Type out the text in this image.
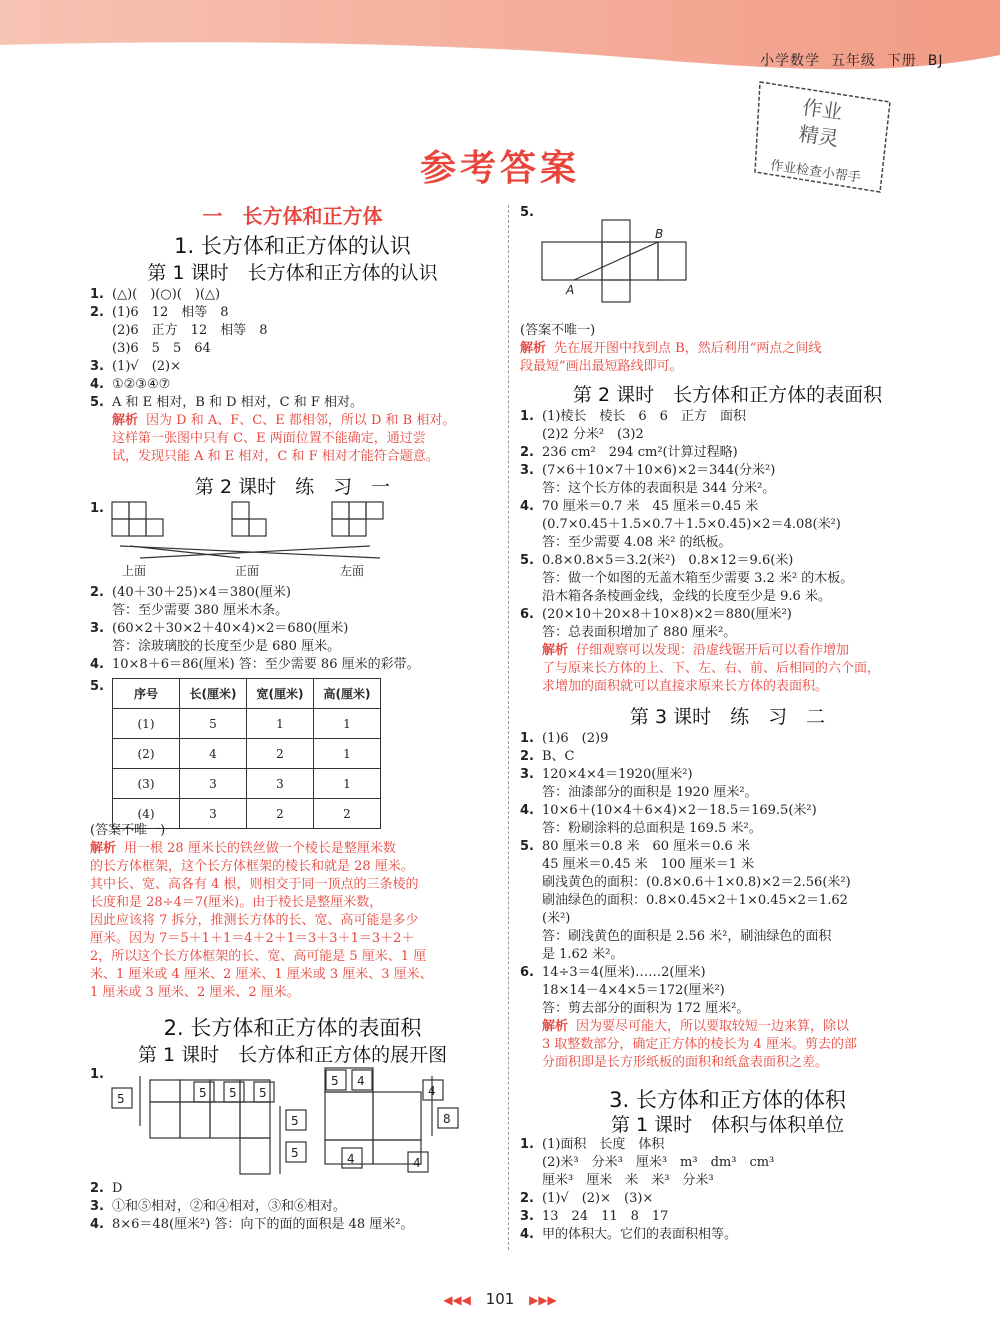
小学数学 五年级 下册 BJ
作业
精灵
作业检查小帮手
参考答案
一　长方体和正方体
1. 长方体和正方体的认识
第 1 课时　长方体和正方体的认识
1. (△)(　)(○)(　)(△)
2. (1)6　12　相等　8
(2)6　正方　12　相等　8
(3)6　5　5　64
3. (1)√　(2)×
4. ①②③④⑦
5. A 和 E 相对，B 和 D 相对，C 和 F 相对。
解析 因为 D 和 A、F、C、E 都相邻，所以 D 和 B 相对。
这样第一张图中只有 C、E 两面位置不能确定，通过尝
试，发现只能 A 和 E 相对，C 和 F 相对才能符合题意。
第 2 课时　练　习　一
1.
上面	正面	左面
2. (40＋30＋25)×4＝380(厘米)
答：至少需要 380 厘米木条。
3. (60×2＋30×2＋40×4)×2＝680(厘米)
答：涂玻璃胶的长度至少是 680 厘米。
4. 10×8＋6＝86(厘米) 答：至少需要 86 厘米的彩带。
5.	序号	长(厘米)	宽(厘米)	高(厘米)
(1)	5	1	1
(2)	4	2	1
(3)	3	3	1
(4)	3	2	2
(答案不唯一)
解析 用一根 28 厘米长的铁丝做一个棱长是整厘米数
的长方体框架，这个长方体框架的棱长和就是 28 厘米。
其中长、宽、高各有 4 根，则相交于同一顶点的三条棱的
长度和是 28÷4＝7(厘米)。由于棱长是整厘米数，
因此应该将 7 拆分，推测长方体的长、宽、高可能是多少
厘米。因为 7＝5＋1＋1＝4＋2＋1＝3＋3＋1＝3＋2＋
2，所以这个长方体框架的长、宽、高可能是 5 厘米、1 厘
米、1 厘米或 4 厘米、2 厘米、1 厘米或 3 厘米、3 厘米、
1 厘米或 3 厘米、2 厘米、2 厘米。
2. 长方体和正方体的表面积
第 1 课时　长方体和正方体的展开图
1.
5	5 5 5
5
5
5 4
4
8
4	4
2. D
3. ①和⑤相对，②和④相对，③和⑥相对。
4. 8×6＝48(厘米²) 答：向下的面的面积是 48 厘米²。
5.
B
A
(答案不唯一)
解析 先在展开图中找到点 B，然后利用“两点之间线
段最短”画出最短路线即可。
第 2 课时　长方体和正方体的表面积
1. (1)棱长　棱长　6　6　正方　面积
(2)2 分米²　(3)2
2. 236 cm²　294 cm²(计算过程略)
3. (7×6＋10×7＋10×6)×2＝344(分米²)
答：这个长方体的表面积是 344 分米²。
4. 70 厘米＝0.7 米　45 厘米＝0.45 米
(0.7×0.45＋1.5×0.7＋1.5×0.45)×2＝4.08(米²)
答：至少需要 4.08 米² 的纸板。
5. 0.8×0.8×5＝3.2(米²)　0.8×12＝9.6(米)
答：做一个如图的无盖木箱至少需要 3.2 米² 的木板。
沿木箱各条棱画金线，金线的长度至少是 9.6 米。
6. (20×10＋20×8＋10×8)×2＝880(厘米²)
答：总表面积增加了 880 厘米²。
解析 仔细观察可以发现：沿虚线锯开后可以看作增加
了与原来长方体的上、下、左、右、前、后相同的六个面，
求增加的面积就可以直接求原来长方体的表面积。
第 3 课时　练　习　二
1. (1)6　(2)9
2. B、C
3. 120×4×4＝1920(厘米²)
答：油漆部分的面积是 1920 厘米²。
4. 10×6＋(10×4＋6×4)×2－18.5＝169.5(米²)
答：粉刷涂料的总面积是 169.5 米²。
5. 80 厘米＝0.8 米　60 厘米＝0.6 米
45 厘米＝0.45 米　100 厘米＝1 米
刷浅黄色的面积：(0.8×0.6＋1×0.8)×2＝2.56(米²)
刷油绿色的面积：0.8×0.45×2＋1×0.45×2＝1.62
(米²)
答：刷浅黄色的面积是 2.56 米²，刷油绿色的面积
是 1.62 米²。
6. 14÷3＝4(厘米)……2(厘米)
18×14－4×4×5＝172(厘米²)
答：剪去部分的面积为 172 厘米²。
解析 因为要尽可能大，所以要取较短一边来算，除以
3 取整数部分，确定正方体的棱长为 4 厘米。剪去的部
分面积即是长方形纸板的面积和纸盒表面积之差。
3. 长方体和正方体的体积
第 1 课时　体积与体积单位
1. (1)面积　长度　体积
(2)米³　分米³　厘米³　m³　dm³　cm³
厘米³　厘米　米　米³　分米³
2. (1)√　(2)×　(3)×
3. 13　24　11　8　17
4. 甲的体积大。它们的表面积相等。
◀◀◀ 101 ▶▶▶
